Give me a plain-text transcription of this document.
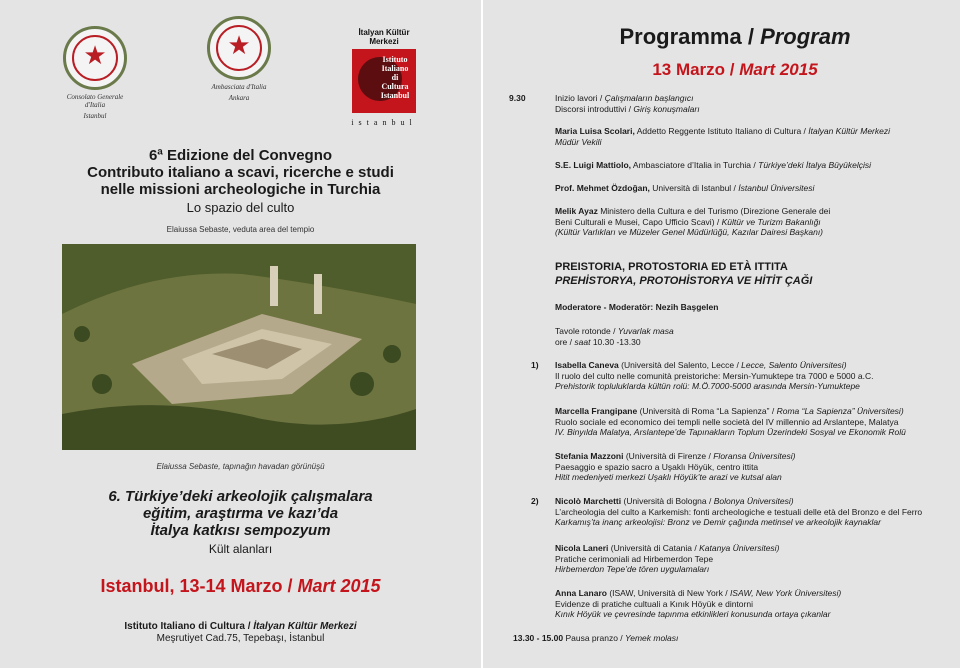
★
Consolato Generale d'Italia
Istanbul
★
Ambasciata d'Italia
Ankara
İtalyan Kültür Merkezi
Istituto
Italiano
di
Cultura
Istanbul
istanbul
6ª Edizione del Convegno
Contributo italiano a scavi, ricerche e studi
nelle missioni archeologiche in Turchia
Lo spazio del culto
Elaiussa Sebaste, veduta area del tempio
Elaiussa Sebaste, tapınağın havadan görünüşü
6. Türkiye’deki arkeolojik çalışmalara
eğitim, araştırma ve kazı’da
İtalya katkısı sempozyum
Kült alanları
Istanbul, 13-14 Marzo / Mart 2015
Istituto Italiano di Cultura / İtalyan Kültür Merkezi
Meşrutiyet Cad.75, Tepebaşı, İstanbul
Programma / Program
13 Marzo / Mart 2015
9.30	Inizio lavori / Çalışmaların başlangıcı
Discorsi introduttivi / Giriş konuşmaları
Maria Luisa Scolari, Addetto Reggente Istituto Italiano di Cultura / İtalyan Kültür Merkezi
Müdür Vekili
S.E. Luigi Mattiolo, Ambasciatore d’Italia in Turchia / Türkiye’deki İtalya Büyükelçisi
Prof. Mehmet Özdoğan, Università di Istanbul / İstanbul Üniversitesi
Melik Ayaz Ministero della Cultura e del Turismo (Direzione Generale dei
Beni Culturali e Musei, Capo Ufficio Scavi) / Kültür ve Turizm Bakanlığı
(Kültür Varlıkları ve Müzeler Genel Müdürlüğü, Kazılar Dairesi Başkanı)
PREISTORIA, PROTOSTORIA ED ETÀ ITTITA
PREHİSTORYA, PROTOHİSTORYA VE HİTİT ÇAĞI
Moderatore - Moderatör: Nezih Başgelen
Tavole rotonde / Yuvarlak masa
ore / saat 10.30 -13.30
1) Isabella Caneva (Università del Salento, Lecce / Lecce, Salento Üniversitesi)
Il ruolo del culto nelle comunità preistoriche: Mersin-Yumuktepe tra 7000 e 5000 a.C.
Prehistorik topluluklarda kültün rolü: M.Ö.7000-5000 arasında Mersin-Yumuktepe
Marcella Frangipane (Università di Roma “La Sapienza” / Roma “La Sapienza” Üniversitesi)
Ruolo sociale ed economico dei templi nelle società del IV millennio ad Arslantepe, Malatya
IV. Binyılda Malatya, Arslantepe’de Tapınakların Toplum Üzerindeki Sosyal ve Ekonomik Rolü
Stefania Mazzoni (Università di Firenze / Floransa Üniversitesi)
Paesaggio e spazio sacro a Uşaklı Höyük, centro ittita
Hitit medeniyeti merkezi Uşaklı Höyük’te arazi ve kutsal alan
2) Nicolò Marchetti (Università di Bologna / Bolonya Üniversitesi)
L’archeologia del culto a Karkemish: fonti archeologiche e testuali delle età del Bronzo e del Ferro
Karkamış’ta inanç arkeolojisi: Bronz ve Demir çağında metinsel ve arkeolojik kaynaklar
Nicola Laneri (Università di Catania / Katanya Üniversitesi)
Pratiche cerimoniali ad Hirbemerdon Tepe
Hirbemerdon Tepe’de tören uygulamaları
Anna Lanaro (ISAW, Università di New York / ISAW, New York Üniversitesi)
Evidenze di pratiche cultuali a Kınık Höyük e dintorni
Kınık Höyük ve çevresinde tapınma etkinlikleri konusunda ortaya çıkanlar
13.30 - 15.00 Pausa pranzo / Yemek molası
